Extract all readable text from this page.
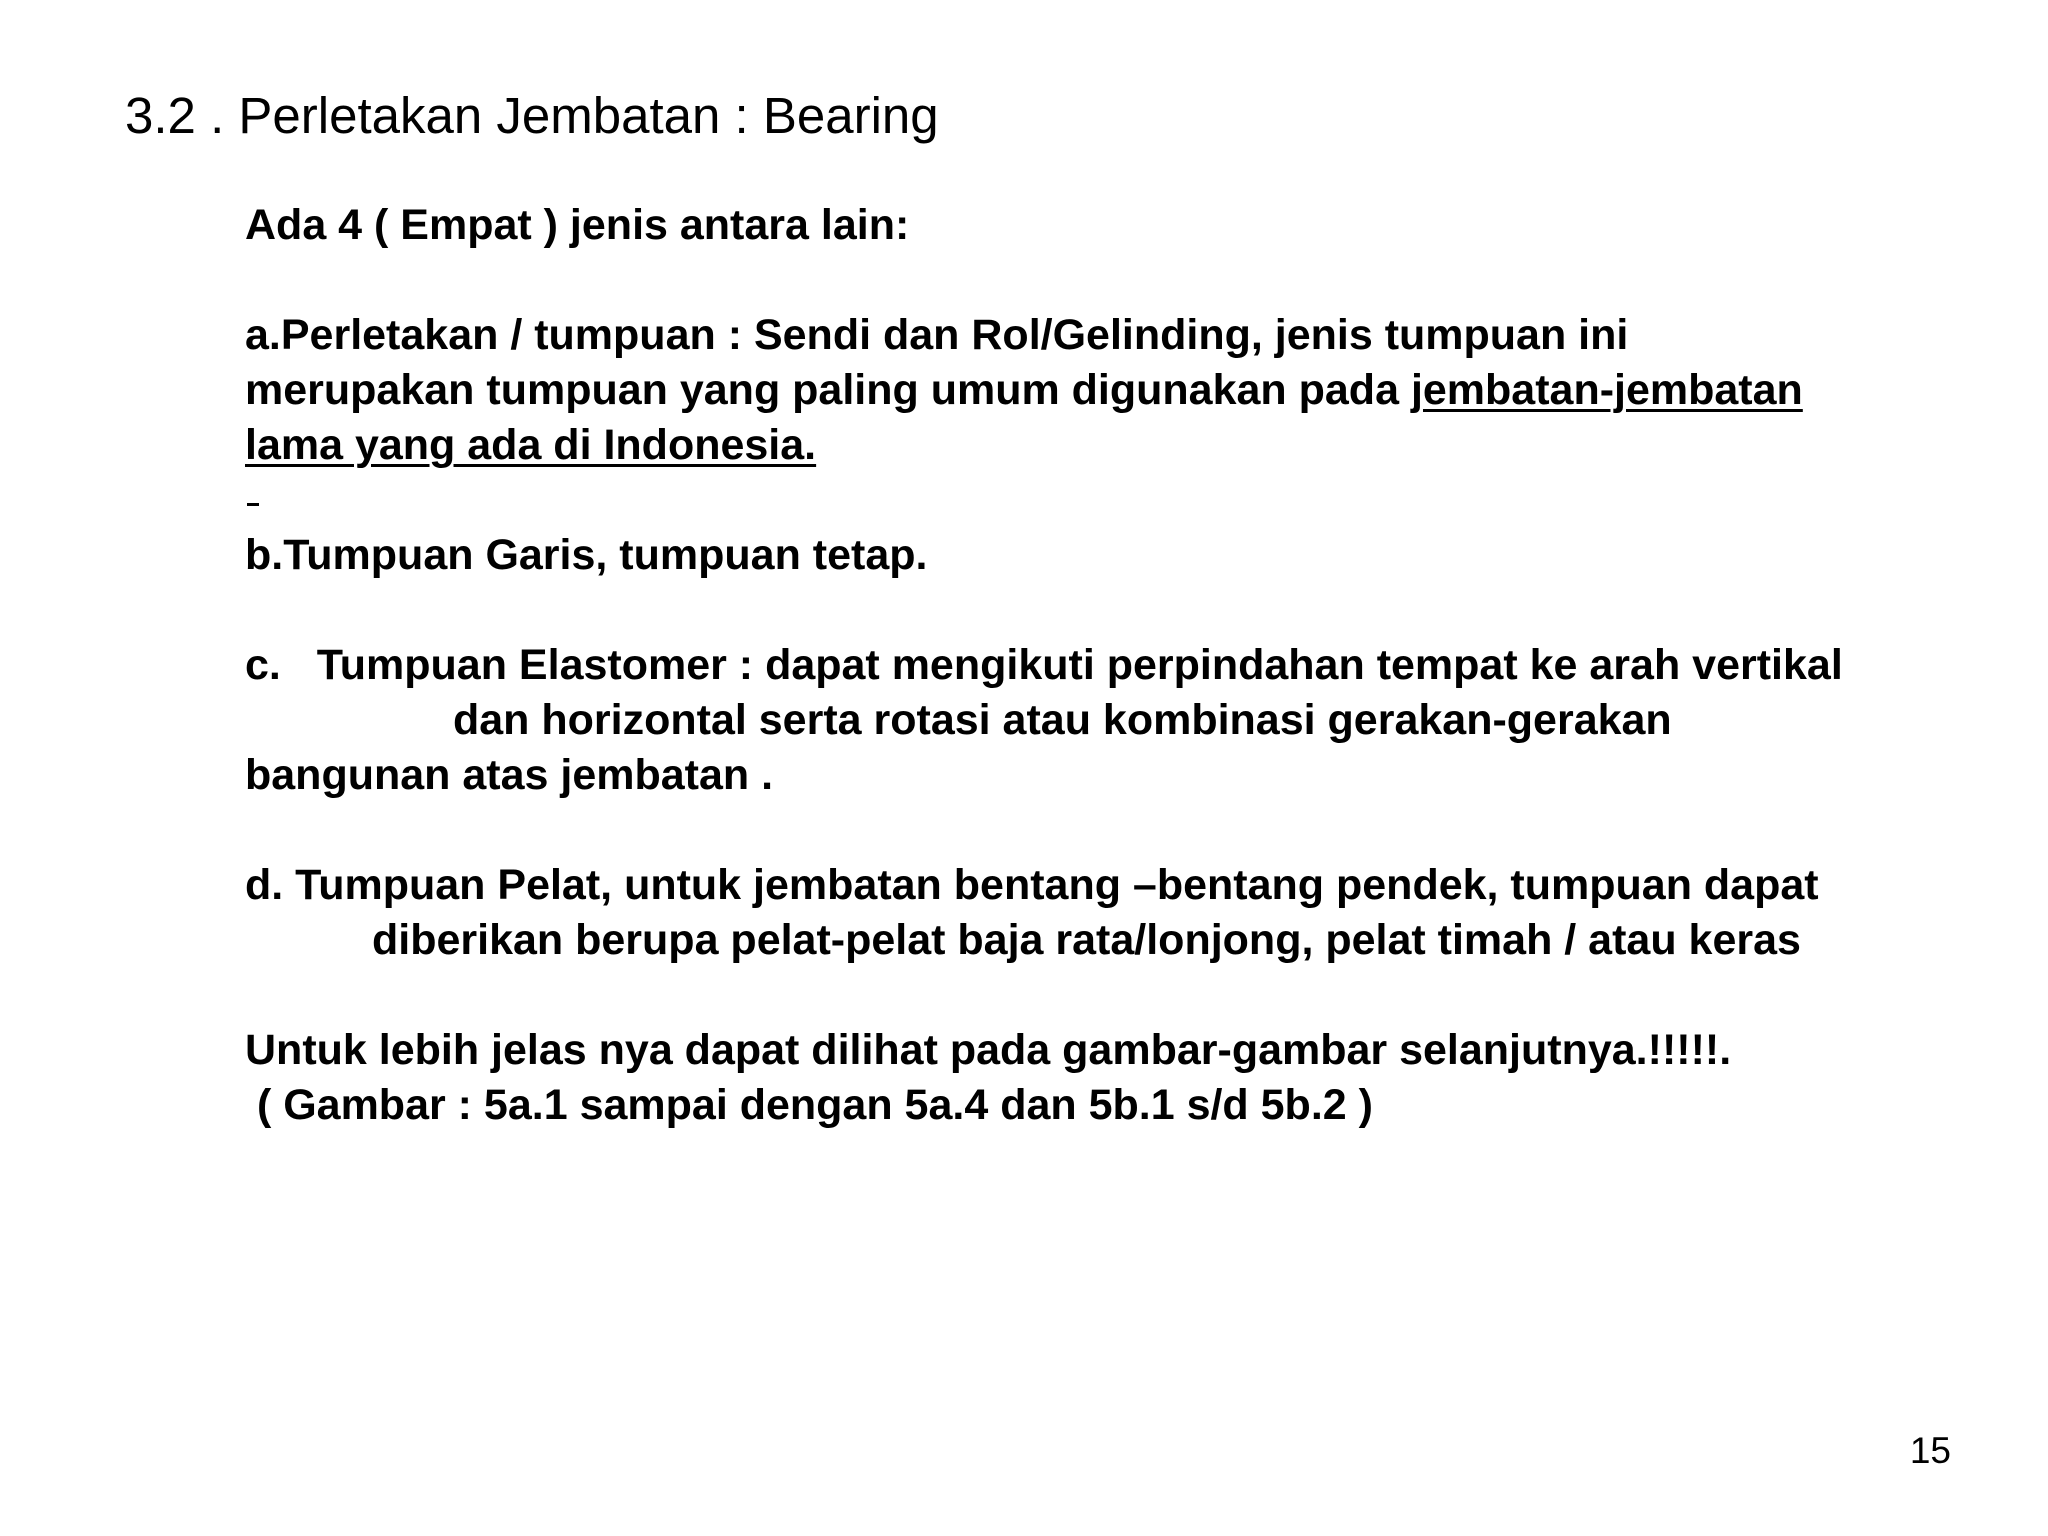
3.2 . Perletakan Jembatan : Bearing
Ada 4 ( Empat ) jenis antara lain:
a.Perletakan / tumpuan : Sendi dan Rol/Gelinding, jenis tumpuan ini
merupakan tumpuan yang paling umum digunakan pada jembatan-jembatan
lama yang ada di Indonesia.
b.Tumpuan Garis, tumpuan tetap.
c.   Tumpuan Elastomer : dapat mengikuti perpindahan tempat ke arah vertikal
dan horizontal serta rotasi atau kombinasi gerakan-gerakan
bangunan atas jembatan .
d. Tumpuan Pelat, untuk jembatan bentang –bentang pendek, tumpuan dapat
diberikan berupa pelat-pelat baja rata/lonjong, pelat timah / atau keras
Untuk lebih jelas nya dapat dilihat pada gambar-gambar selanjutnya.!!!!!.
( Gambar : 5a.1 sampai dengan 5a.4 dan 5b.1 s/d 5b.2 )
15
